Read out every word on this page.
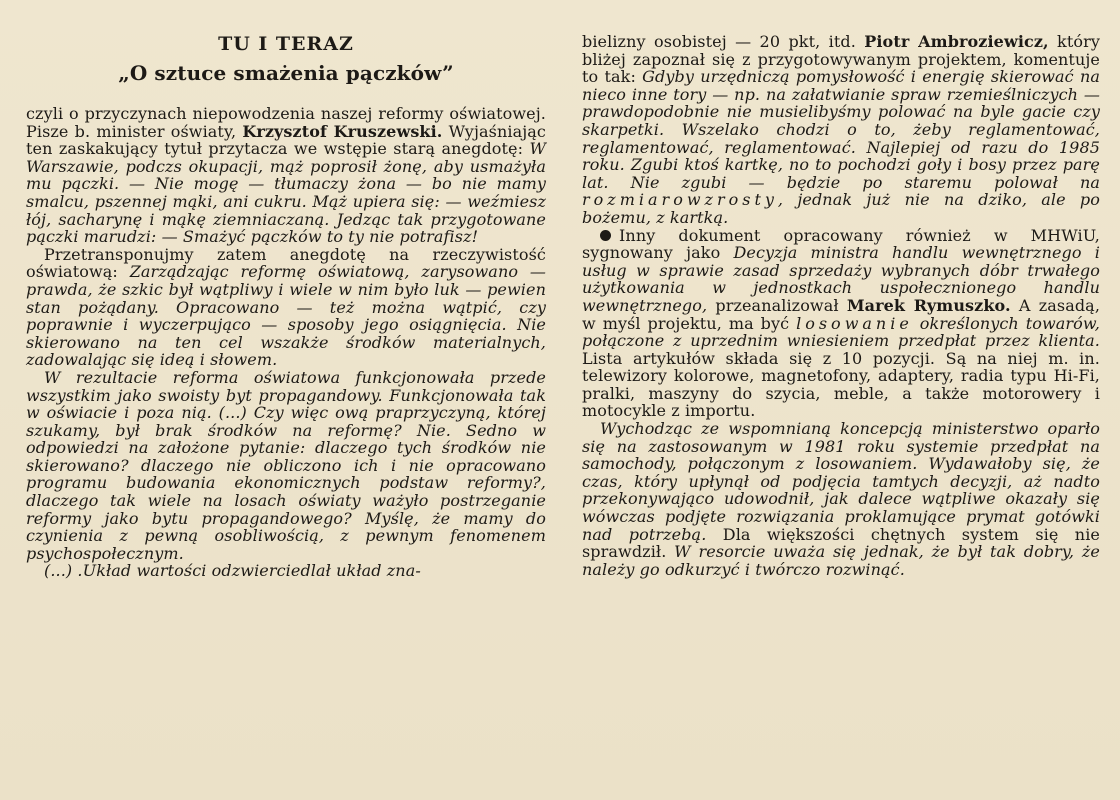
TU I TERAZ
„O sztuce smażenia pączków”

czyli o przyczynach niepowodzenia naszej reformy oświatowej. Pisze b. minister oświaty, Krzysztof Kruszewski. Wyjaśniając ten zaskakujący tytuł przytacza we wstępie starą anegdotę: W Warszawie, podczs okupacji, mąż poprosił żonę, aby usmażyła mu pączki. — Nie mogę — tłumaczy żona — bo nie mamy smalcu, pszennej mąki, ani cukru. Mąż upiera się: — weźmiesz łój, sacharynę i mąkę ziemniaczaną. Jedząc tak przygotowane pączki marudzi: — Smażyć pączków to ty nie potrafisz!

Przetransponujmy zatem anegdotę na rzeczywistość oświatową: Zarządzając reformę oświatową, zarysowano — prawda, że szkic był wątpliwy i wiele w nim było luk — pewien stan pożądany. Opracowano — też można wątpić, czy poprawnie i wyczerpująco — sposoby jego osiągnięcia. Nie skierowano na ten cel wszakże środków materialnych, zadowalając się ideą i słowem.

W rezultacie reforma oświatowa funkcjonowała przede wszystkim jako swoisty byt propagandowy. Funkcjonowała tak w oświacie i poza nią. (...) Czy więc ową praprzyczyną, której szukamy, był brak środków na reformę? Nie. Sedno w odpowiedzi na założone pytanie: dlaczego tych środków nie skierowano? dlaczego nie obliczono ich i nie opracowano programu budowania ekonomicznych podstaw reformy?, dlaczego tak wiele na losach oświaty ważyło postrzeganie reformy jako bytu propagandowego? Myślę, że mamy do czynienia z pewną osobliwością, z pewnym fenomenem psychospołecznym.

(...) .Układ wartości odzwierciedlał układ zna-

bielizny osobistej — 20 pkt, itd. Piotr Ambroziewicz, który bliżej zapoznał się z przygotowywanym projektem, komentuje to tak: Gdyby urzędniczą pomysłowość i energię skierować na nieco inne tory — np. na załatwianie spraw rzemieślniczych — prawdopodobnie nie musielibyśmy polować na byle gacie czy skarpetki. Wszelako chodzi o to, żeby reglamentować, reglamentować, reglamentować. Najlepiej od razu do 1985 roku. Zgubi ktoś kartkę, no to pochodzi goły i bosy przez parę lat. Nie zgubi — będzie po staremu polował na rozmiarowzrosty, jednak już nie na dziko, ale po bożemu, z kartką.

Inny dokument opracowany również w MHWiU, sygnowany jako Decyzja ministra handlu wewnętrznego i usług w sprawie zasad sprzedaży wybranych dóbr trwałego użytkowania w jednostkach uspołecznionego handlu wewnętrznego, przeanalizował Marek Rymuszko. A zasadą, w myśl projektu, ma być losowanie określonych towarów, połączone z uprzednim wniesieniem przedpłat przez klienta. Lista artykułów składa się z 10 pozycji. Są na niej m. in. telewizory kolorowe, magnetofony, adaptery, radia typu Hi-Fi, pralki, maszyny do szycia, meble, a także motorowery i motocykle z importu.

Wychodząc ze wspomnianą koncepcją ministerstwo oparło się na zastosowanym w 1981 roku systemie przedpłat na samochody, połączonym z losowaniem. Wydawałoby się, że czas, który upłynął od podjęcia tamtych decyzji, aż nadto przekonywająco udowodnił, jak dalece wątpliwe okazały się wówczas podjęte rozwiązania proklamujące prymat gotówki nad potrzebą. Dla większości chętnych system się nie sprawdził. W resorcie uważa się jednak, że był tak dobry, że należy go odkurzyć i twórczo rozwinąć.
